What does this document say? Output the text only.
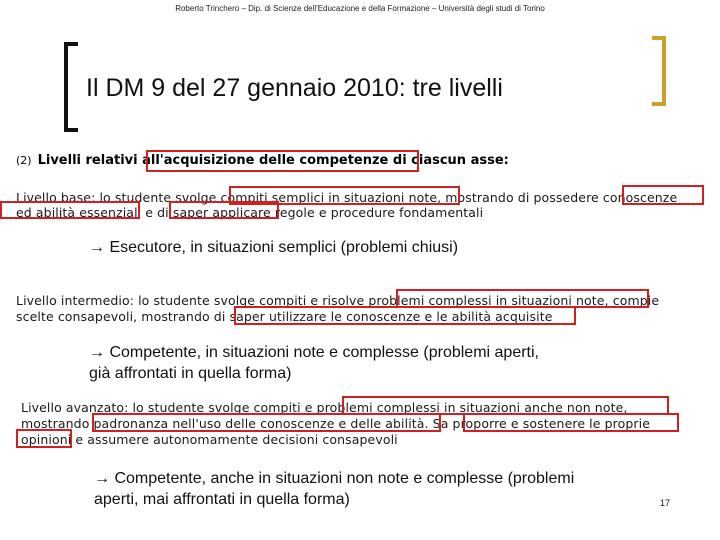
Roberto Trinchero – Dip. di Scienze dell'Educazione e della Formazione – Università degli studi di Torino
Il DM 9 del 27 gennaio 2010: tre livelli
(2) Livelli relativi all'acquisizione delle competenze di ciascun asse:
Livello base: lo studente svolge compiti semplici in situazioni note, mostrando di possedere conoscenze
ed abilità essenziali e di saper applicare regole e procedure fondamentali
→ Esecutore, in situazioni semplici (problemi chiusi)
Livello intermedio: lo studente svolge compiti e risolve problemi complessi in situazioni note, compie
scelte consapevoli, mostrando di saper utilizzare le conoscenze e le abilità acquisite
→ Competente, in situazioni note e complesse (problemi aperti,
già affrontati in quella forma)
Livello avanzato: lo studente svolge compiti e problemi complessi in situazioni anche non note,
mostrando padronanza nell'uso delle conoscenze e delle abilità. Sa proporre e sostenere le proprie
opinioni e assumere autonomamente decisioni consapevoli
→ Competente, anche in situazioni non note e complesse (problemi
aperti, mai affrontati in quella forma)	17
